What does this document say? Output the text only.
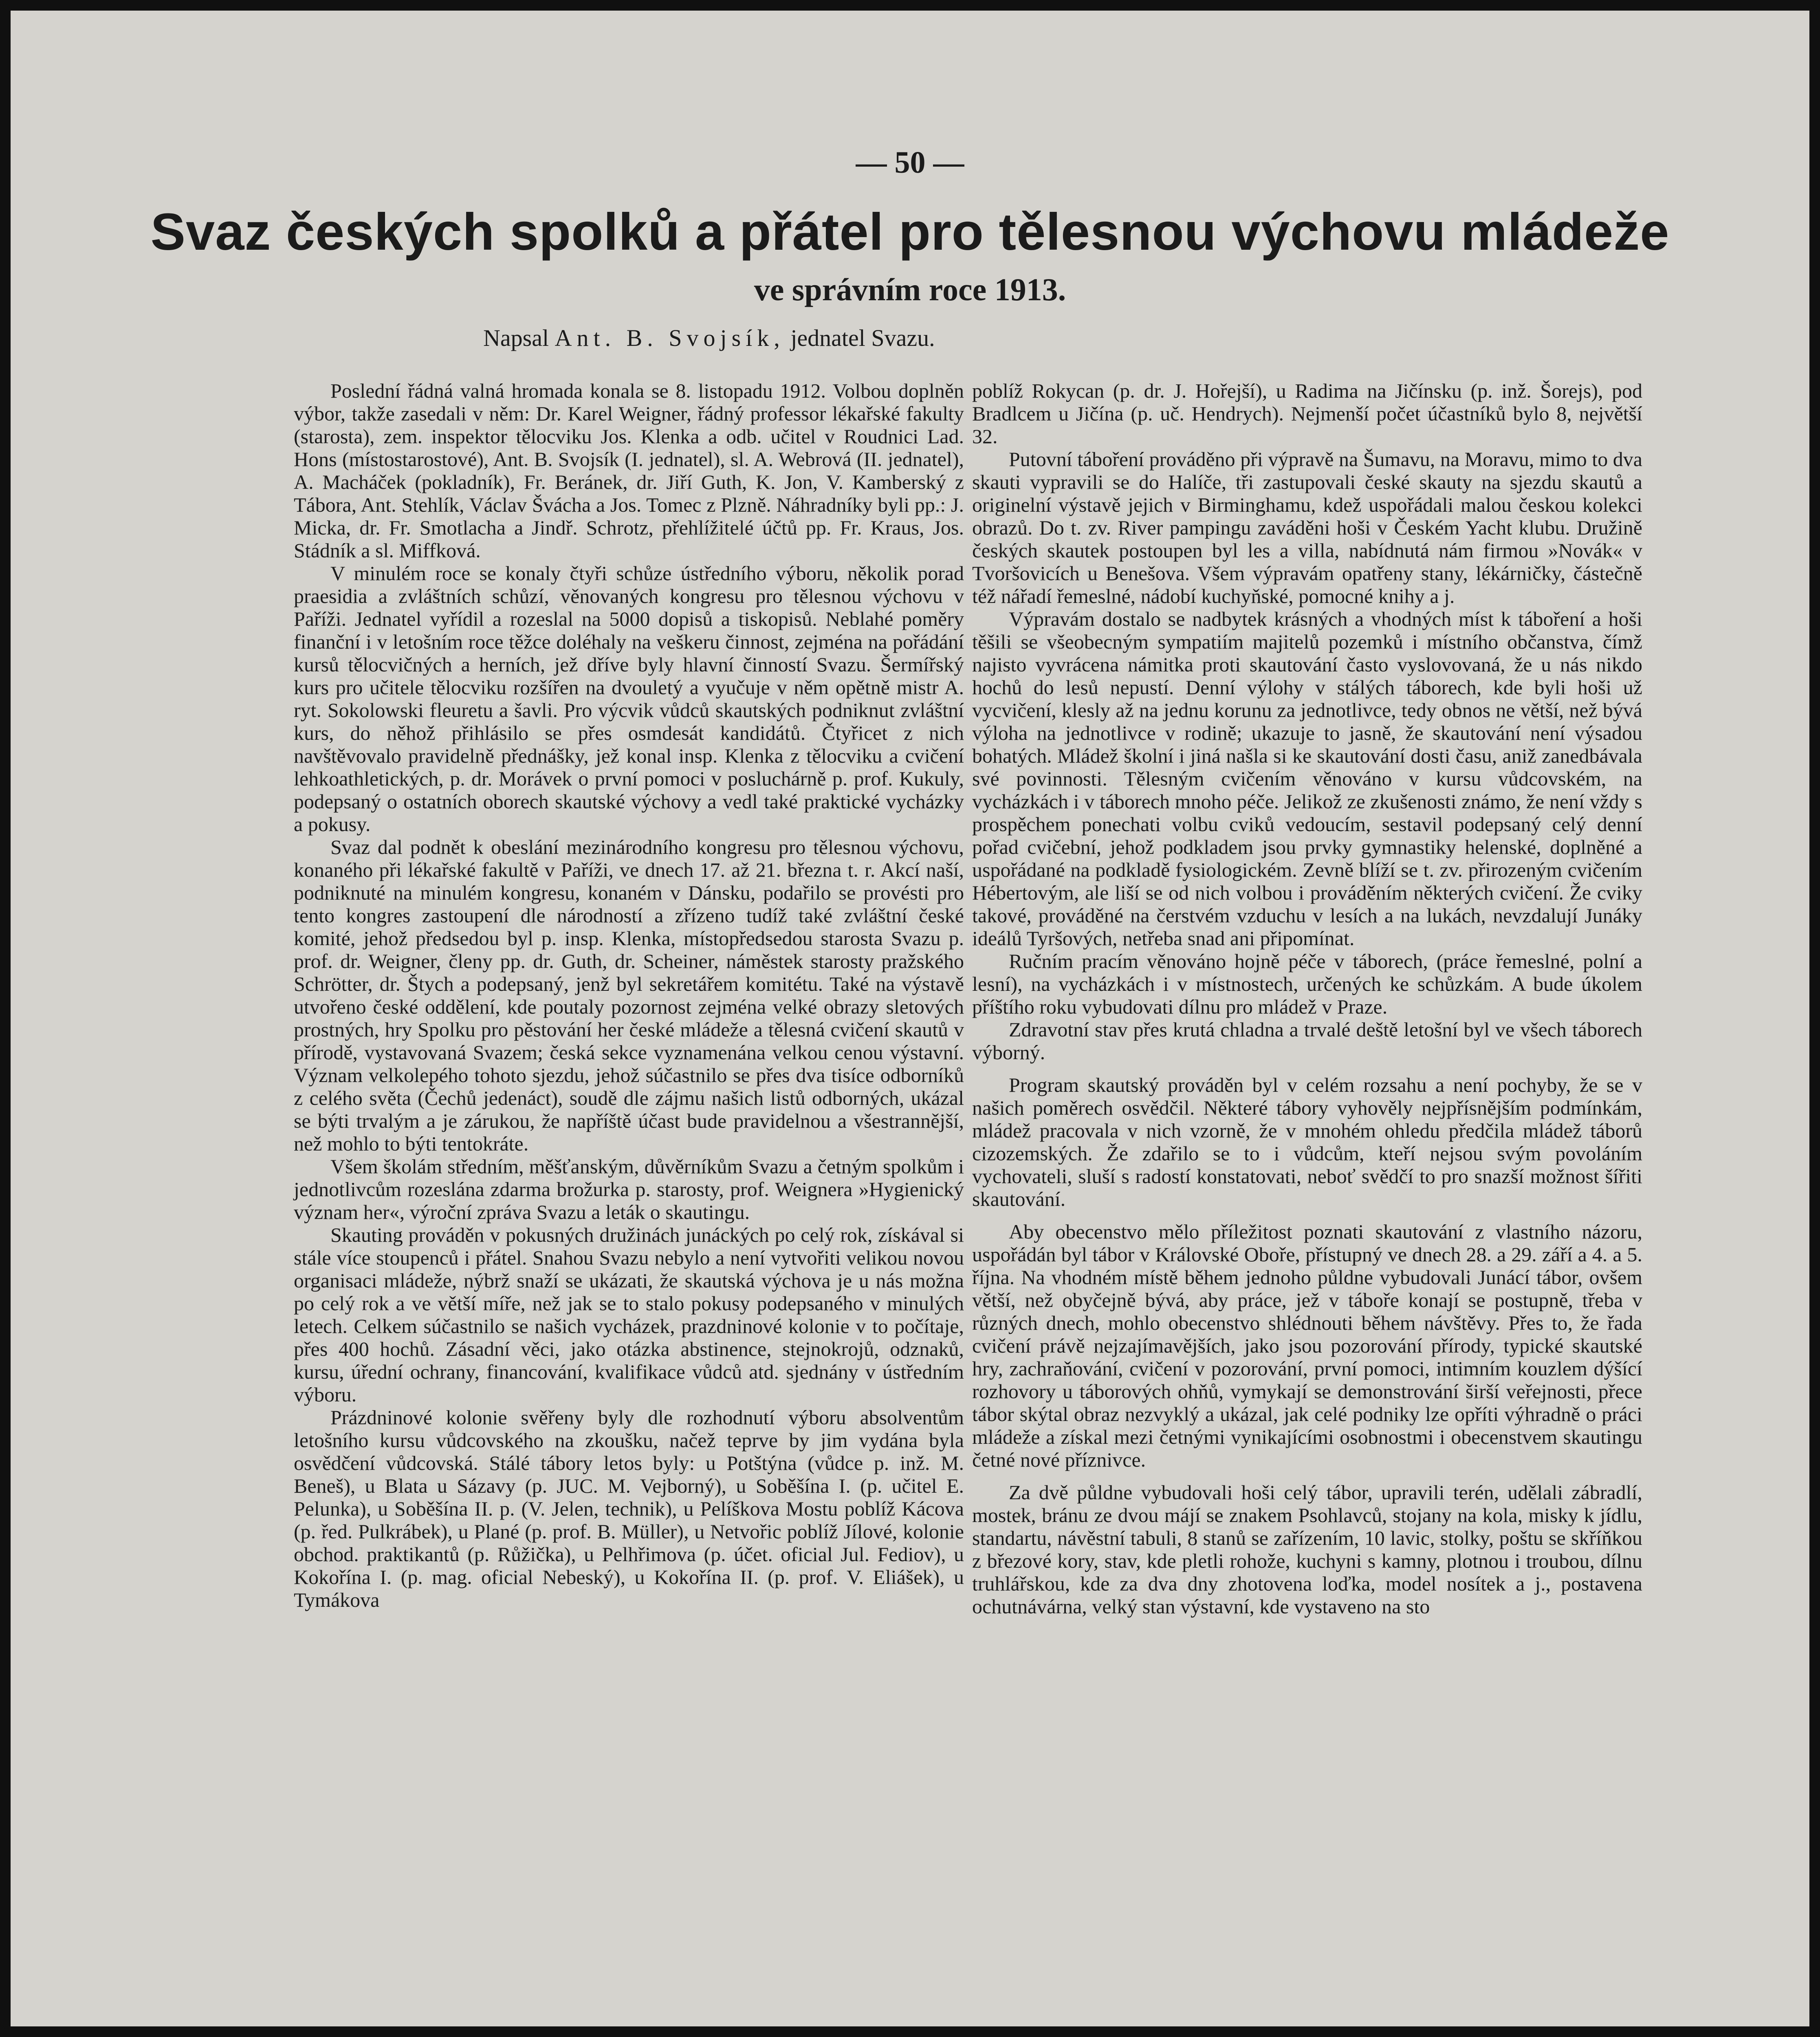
— 50 —
Svaz českých spolků a přátel pro tělesnou výchovu mládeže
ve správním roce 1913.
Napsal Ant. B. Svojsík, jednatel Svazu.

Poslední řádná valná hromada konala se 8. listopadu 1912. Volbou doplněn výbor, takže zasedali v něm: Dr. Karel Weigner, řádný professor lékařské fakulty (starosta), zem. inspektor tělocviku Jos. Klenka a odb. učitel v Roudnici Lad. Hons (místostarostové), Ant. B. Svojsík (I. jednatel), sl. A. Webrová (II. jednatel), A. Macháček (pokladník), Fr. Beránek, dr. Jiří Guth, K. Jon, V. Kamberský z Tábora, Ant. Stehlík, Václav Švácha a Jos. Tomec z Plzně. Náhradníky byli pp.: J. Micka, dr. Fr. Smotlacha a Jindř. Schrotz, přehlížitelé účtů pp. Fr. Kraus, Jos. Stádník a sl. Miffková.

V minulém roce se konaly čtyři schůze ústředního výboru, několik porad praesidia a zvláštních schůzí, věnovaných kongresu pro tělesnou výchovu v Paříži. Jednatel vyřídil a rozeslal na 5000 dopisů a tiskopisů. Neblahé poměry finanční i v letošním roce těžce doléhaly na veškeru činnost, zejména na pořádání kursů tělocvičných a herních, jež dříve byly hlavní činností Svazu. Šermířský kurs pro učitele tělocviku rozšířen na dvouletý a vyučuje v něm opětně mistr A. ryt. Sokolowski fleuretu a šavli. Pro výcvik vůdců skautských podniknut zvláštní kurs, do něhož přihlásilo se přes osmdesát kandidátů. Čtyřicet z nich navštěvovalo pravidelně přednášky, jež konal insp. Klenka z tělocviku a cvičení lehkoathletických, p. dr. Morávek o první pomoci v posluchárně p. prof. Kukuly, podepsaný o ostatních oborech skautské výchovy a vedl také praktické vycházky a pokusy.

Svaz dal podnět k obeslání mezinárodního kongresu pro tělesnou výchovu, konaného při lékařské fakultě v Paříži, ve dnech 17. až 21. března t. r. Akcí naší, podniknuté na minulém kongresu, konaném v Dánsku, podařilo se provésti pro tento kongres zastoupení dle národností a zřízeno tudíž také zvláštní české komité, jehož předsedou byl p. insp. Klenka, místopředsedou starosta Svazu p. prof. dr. Weigner, členy pp. dr. Guth, dr. Scheiner, náměstek starosty pražského Schrötter, dr. Štych a podepsaný, jenž byl sekretářem komitétu. Také na výstavě utvořeno české oddělení, kde poutaly pozornost zejména velké obrazy sletových prostných, hry Spolku pro pěstování her české mládeže a tělesná cvičení skautů v přírodě, vystavovaná Svazem; česká sekce vyznamenána velkou cenou výstavní. Význam velkolepého tohoto sjezdu, jehož súčastnilo se přes dva tisíce odborníků z celého světa (Čechů jedenáct), soudě dle zájmu našich listů odborných, ukázal se býti trvalým a je zárukou, že napříště účast bude pravidelnou a všestrannější, než mohlo to býti tentokráte.

Všem školám středním, měšťanským, důvěrníkům Svazu a četným spolkům i jednotlivcům rozeslána zdarma brožurka p. starosty, prof. Weignera »Hygienický význam her«, výroční zpráva Svazu a leták o skautingu.

Skauting prováděn v pokusných družinách junáckých po celý rok, získával si stále více stoupenců i přátel. Snahou Svazu nebylo a není vytvořiti velikou novou organisaci mládeže, nýbrž snaží se ukázati, že skautská výchova je u nás možna po celý rok a ve větší míře, než jak se to stalo pokusy podepsaného v minulých letech. Celkem súčastnilo se našich vycházek, prazdninové kolonie v to počítaje, přes 400 hochů. Zásadní věci, jako otázka abstinence, stejnokrojů, odznaků, kursu, úřední ochrany, financování, kvalifikace vůdců atd. sjednány v ústředním výboru.

Prázdninové kolonie svěřeny byly dle rozhodnutí výboru absolventům letošního kursu vůdcovského na zkoušku, načež teprve by jim vydána byla osvědčení vůdcovská. Stálé tábory letos byly: u Potštýna (vůdce p. inž. M. Beneš), u Blata u Sázavy (p. JUC. M. Vejborný), u Soběšína I. (p. učitel E. Pelunka), u Soběšína II. p. (V. Jelen, technik), u Pelíškova Mostu poblíž Kácova (p. řed. Pulkrábek), u Plané (p. prof. B. Müller), u Netvořic poblíž Jílové, kolonie obchod. praktikantů (p. Růžička), u Pelhřimova (p. účet. oficial Jul. Fediov), u Kokořína I. (p. mag. oficial Nebeský), u Kokořína II. (p. prof. V. Eliášek), u Tymákova

poblíž Rokycan (p. dr. J. Hořejší), u Radima na Jičínsku (p. inž. Šorejs), pod Bradlcem u Jičína (p. uč. Hendrych). Nejmenší počet účastníků bylo 8, největší 32.

Putovní táboření prováděno při výpravě na Šumavu, na Moravu, mimo to dva skauti vypravili se do Halíče, tři zastupovali české skauty na sjezdu skautů a originelní výstavě jejich v Birminghamu, kdež uspořádali malou českou kolekci obrazů. Do t. zv. River pampingu zaváděni hoši v Českém Yacht klubu. Družině českých skautek postoupen byl les a villa, nabídnutá nám firmou »Novák« v Tvoršovicích u Benešova. Všem výpravám opatřeny stany, lékárničky, částečně též nářadí řemeslné, nádobí kuchyňské, pomocné knihy a j.

Výpravám dostalo se nadbytek krásných a vhodných míst k táboření a hoši těšili se všeobecným sympatiím majitelů pozemků i místního občanstva, čímž najisto vyvrácena námitka proti skautování často vyslovovaná, že u nás nikdo hochů do lesů nepustí. Denní výlohy v stálých táborech, kde byli hoši už vycvičení, klesly až na jednu korunu za jednotlivce, tedy obnos ne větší, než bývá výloha na jednotlivce v rodině; ukazuje to jasně, že skautování není výsadou bohatých. Mládež školní i jiná našla si ke skautování dosti času, aniž zanedbávala své povinnosti. Tělesným cvičením věnováno v kursu vůdcovském, na vycházkách i v táborech mnoho péče. Jelikož ze zkušenosti známo, že není vždy s prospěchem ponechati volbu cviků vedoucím, sestavil podepsaný celý denní pořad cvičební, jehož podkladem jsou prvky gymnastiky helenské, doplněné a uspořádané na podkladě fysiologickém. Zevně blíží se t. zv. přirozeným cvičením Hébertovým, ale liší se od nich volbou i prováděním některých cvičení. Že cviky takové, prováděné na čerstvém vzduchu v lesích a na lukách, nevzdalují Junáky ideálů Tyršových, netřeba snad ani připomínat.

Ručním pracím věnováno hojně péče v táborech, (práce řemeslné, polní a lesní), na vycházkách i v místnostech, určených ke schůzkám. A bude úkolem příštího roku vybudovati dílnu pro mládež v Praze.

Zdravotní stav přes krutá chladna a trvalé deště letošní byl ve všech táborech výborný.

Program skautský prováděn byl v celém rozsahu a není pochyby, že se v našich poměrech osvědčil. Některé tábory vyhověly nejpřísnějším podmínkám, mládež pracovala v nich vzorně, že v mnohém ohledu předčila mládež táborů cizozemských. Že zdařilo se to i vůdcům, kteří nejsou svým povoláním vychovateli, sluší s radostí konstatovati, neboť svědčí to pro snazší možnost šířiti skautování.

Aby obecenstvo mělo příležitost poznati skautování z vlastního názoru, uspořádán byl tábor v Královské Oboře, přístupný ve dnech 28. a 29. září a 4. a 5. října. Na vhodném místě během jednoho půldne vybudovali Junácí tábor, ovšem větší, než obyčejně bývá, aby práce, jež v táboře konají se postupně, třeba v různých dnech, mohlo obecenstvo shlédnouti během návštěvy. Přes to, že řada cvičení právě nejzajímavějších, jako jsou pozorování přírody, typické skautské hry, zachraňování, cvičení v pozorování, první pomoci, intimním kouzlem dýšící rozhovory u táborových ohňů, vymykají se demonstrování širší veřejnosti, přece tábor skýtal obraz nezvyklý a ukázal, jak celé podniky lze opříti výhradně o práci mládeže a získal mezi četnými vynikajícími osobnostmi i obecenstvem skautingu četné nové příznivce.

Za dvě půldne vybudovali hoši celý tábor, upravili terén, udělali zábradlí, mostek, bránu ze dvou májí se znakem Psohlavců, stojany na kola, misky k jídlu, standartu, návěstní tabuli, 8 stanů se zařízením, 10 lavic, stolky, poštu se skříňkou z březové kory, stav, kde pletli rohože, kuchyni s kamny, plotnou i troubou, dílnu truhlářskou, kde za dva dny zhotovena loďka, model nosítek a j., postavena ochutnávárna, velký stan výstavní, kde vystaveno na sto
